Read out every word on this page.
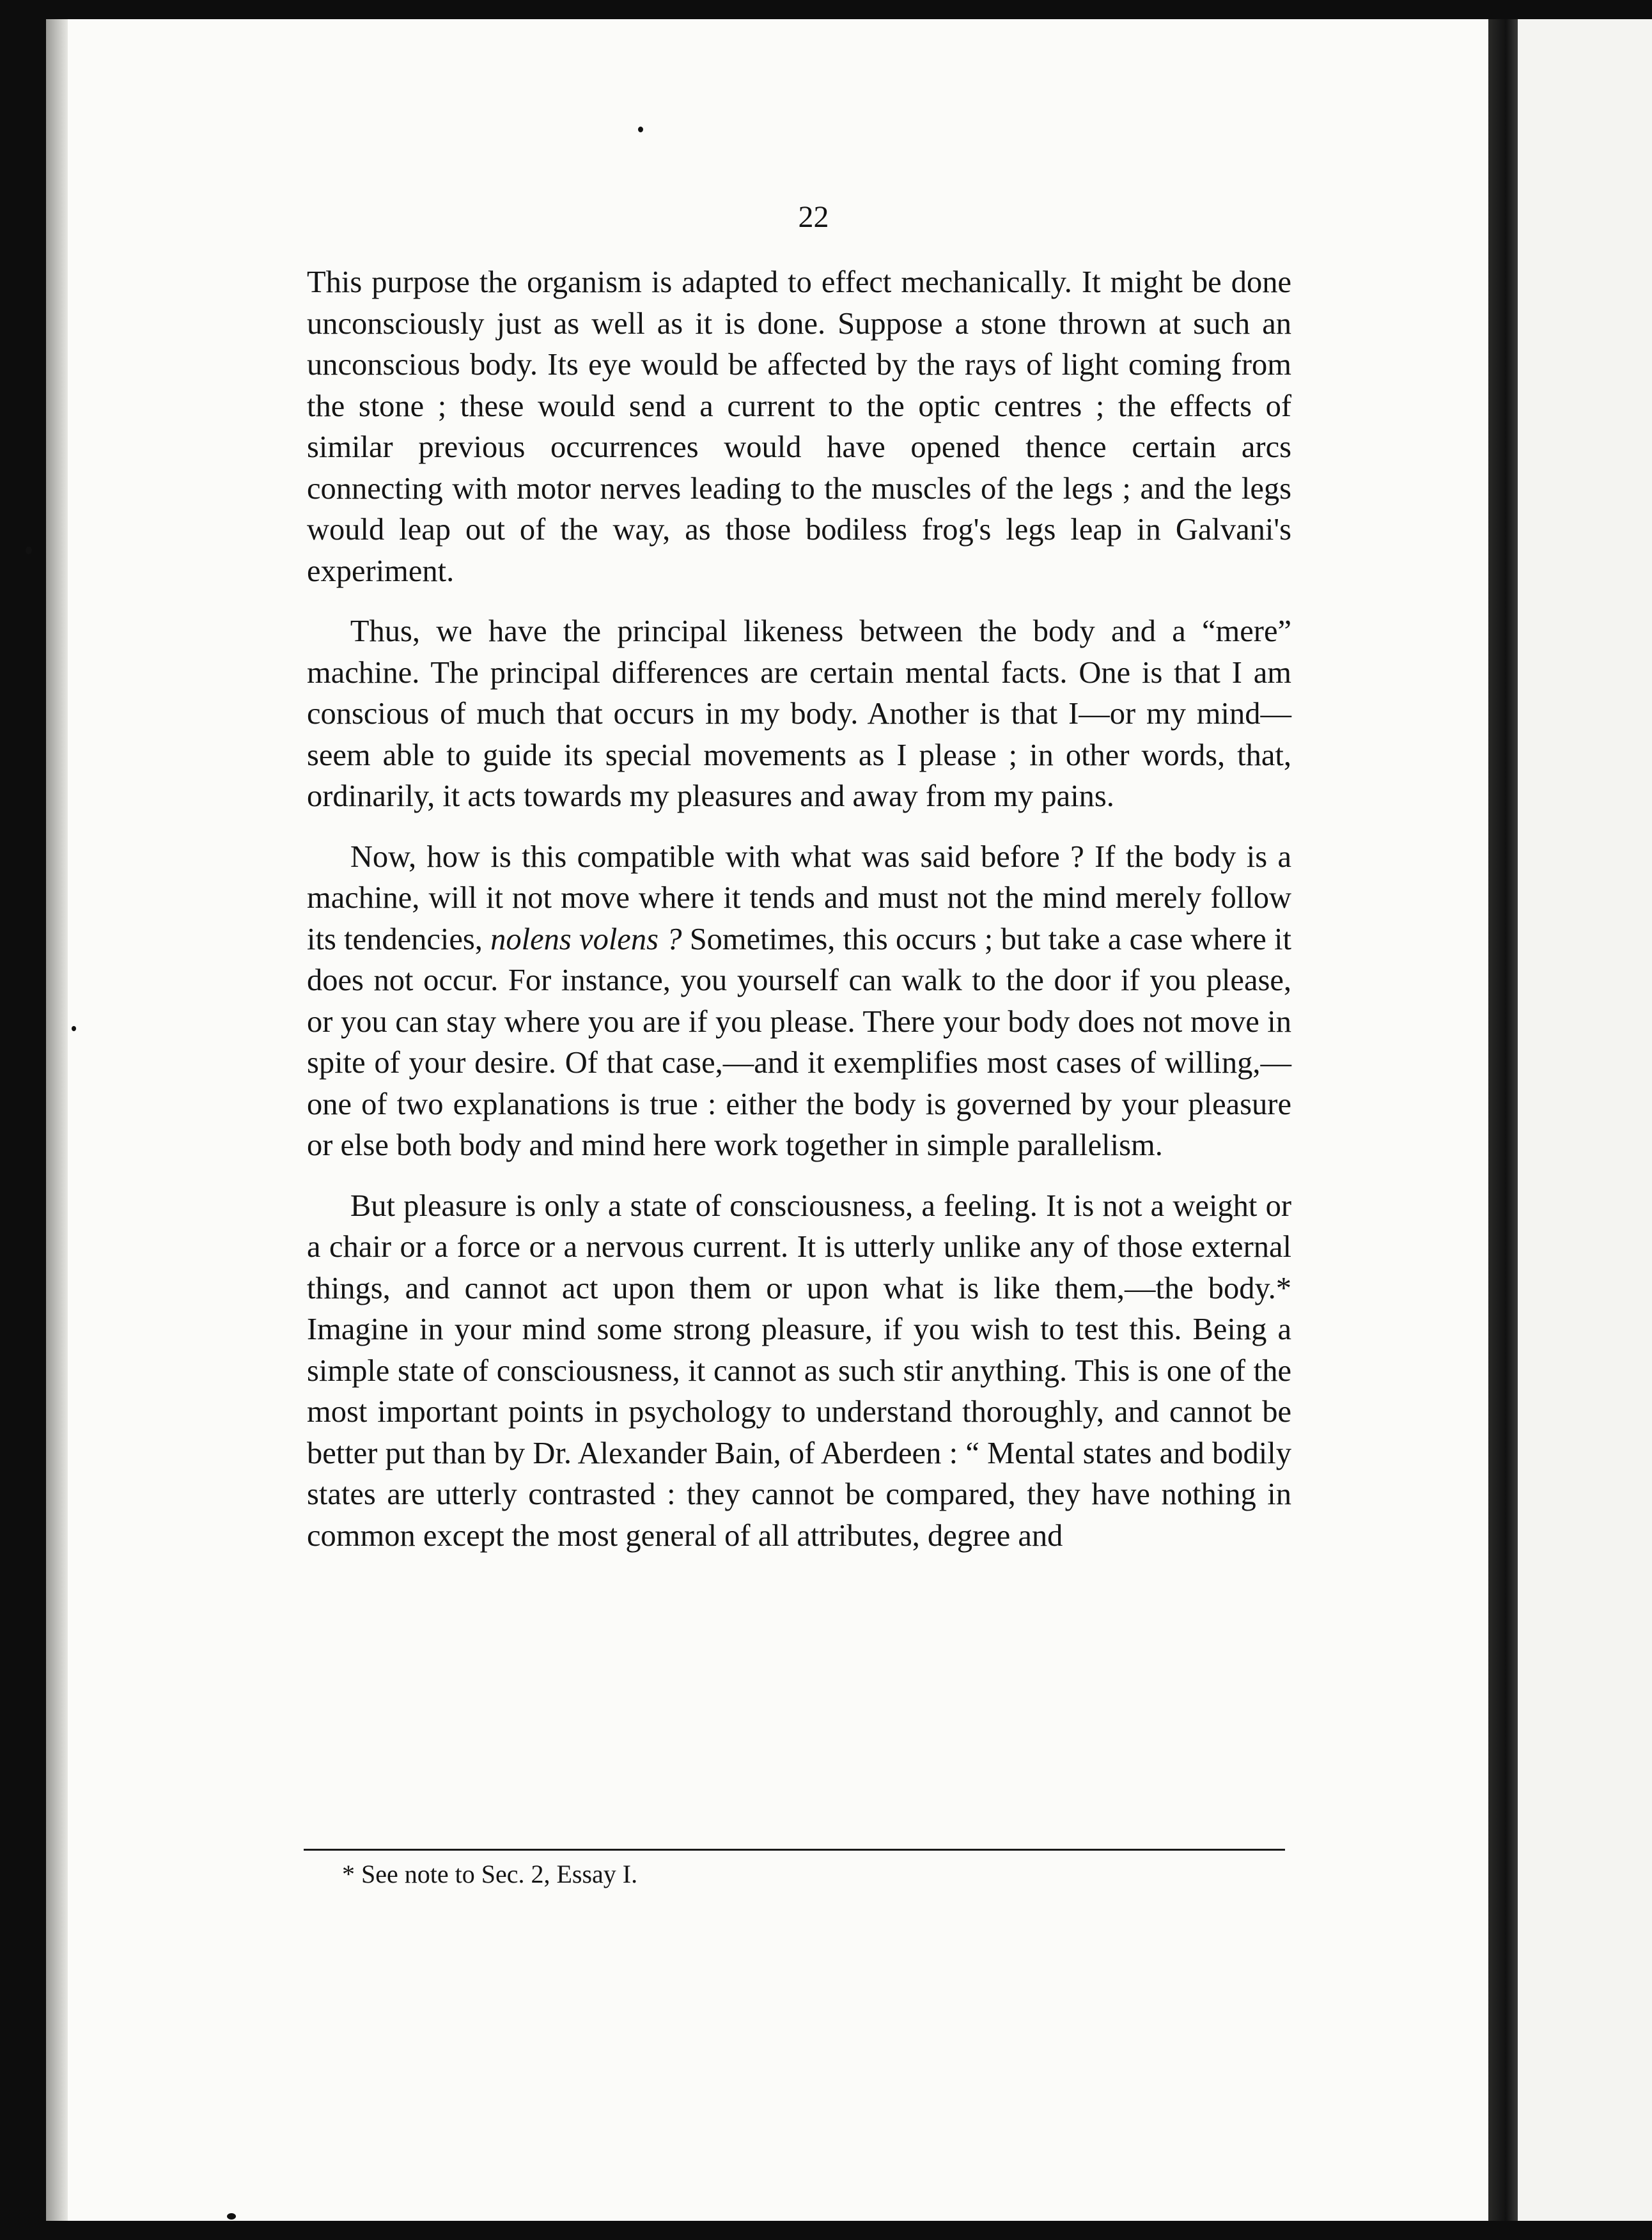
22

This purpose the organism is adapted to effect mechanically. It might be done unconsciously just as well as it is done. Suppose a stone thrown at such an unconscious body. Its eye would be affected by the rays of light coming from the stone ; these would send a current to the optic centres ; the effects of similar previous occurrences would have opened thence certain arcs connecting with motor nerves leading to the muscles of the legs ; and the legs would leap out of the way, as those bodiless frog's legs leap in Galvani's experiment.

Thus, we have the principal likeness between the body and a “mere” machine. The principal differences are certain mental facts. One is that I am conscious of much that occurs in my body. Another is that I—or my mind—seem able to guide its special movements as I please ; in other words, that, ordinarily, it acts towards my pleasures and away from my pains.

Now, how is this compatible with what was said before ? If the body is a machine, will it not move where it tends and must not the mind merely follow its tendencies, nolens volens ? Sometimes, this occurs ; but take a case where it does not occur. For instance, you yourself can walk to the door if you please, or you can stay where you are if you please. There your body does not move in spite of your desire. Of that case,—and it exemplifies most cases of willing,—one of two explanations is true : either the body is governed by your pleasure or else both body and mind here work together in simple parallelism.

But pleasure is only a state of consciousness, a feeling. It is not a weight or a chair or a force or a nervous current. It is utterly unlike any of those external things, and cannot act upon them or upon what is like them,—the body.* Imagine in your mind some strong pleasure, if you wish to test this. Being a simple state of consciousness, it cannot as such stir anything. This is one of the most important points in psychology to understand thoroughly, and cannot be better put than by Dr. Alexander Bain, of Aberdeen : “ Mental states and bodily states are utterly contrasted : they cannot be compared, they have nothing in common except the most general of all attributes, degree and

* See note to Sec. 2, Essay I.
